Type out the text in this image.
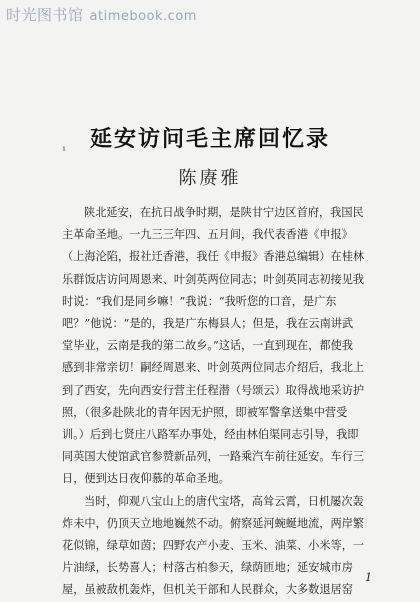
时光图书馆 atimebook.com
延安访问毛主席回忆录
¹
陈赓雅
陕北延安，在抗日战争时期，是陕甘宁边区首府，我国民
主革命圣地。一九三三年四、五月间，我代表香港《申报》
（上海沦陷，报社迁香港，我任《申报》香港总编辑）在桂林
乐群饭店访问周恩来、叶剑英两位同志；叶剑英同志初接见我
时说：“我们是同乡嘛！”我说：“我听您的口音，是广东
吧？”他说：“是的，我是广东梅县人；但是，我在云南讲武
堂毕业，云南是我的第二故乡。”这话，一直到现在，都使我
感到非常亲切！嗣经周恩来、叶剑英两位同志介绍后，我北上
到了西安，先向西安行营主任程潜（号颂云）取得战地采访护
照，（很多赴陕北的青年因无护照，即被军警拿送集中营受
训。）后到七贤庄八路军办事处，经由林伯渠同志引导，我即
同英国大使馆武官参赞新品列，一路乘汽车前往延安。车行三
日，便到达日夜仰慕的革命圣地。
当时，仰观八宝山上的唐代宝塔，高耸云霄，日机屡次轰
炸未中，仍顶天立地地巍然不动。俯察延河蜿蜒地流，两岸繁
花似锦，绿草如茵；四野农产小麦、玉米、油菜、小米等，一
片油绿，长势喜人；村落古柏参天，绿荫匝地；延安城市房
屋，虽被敌机轰炸，但机关干部和人民群众，大多数退居窑
1
